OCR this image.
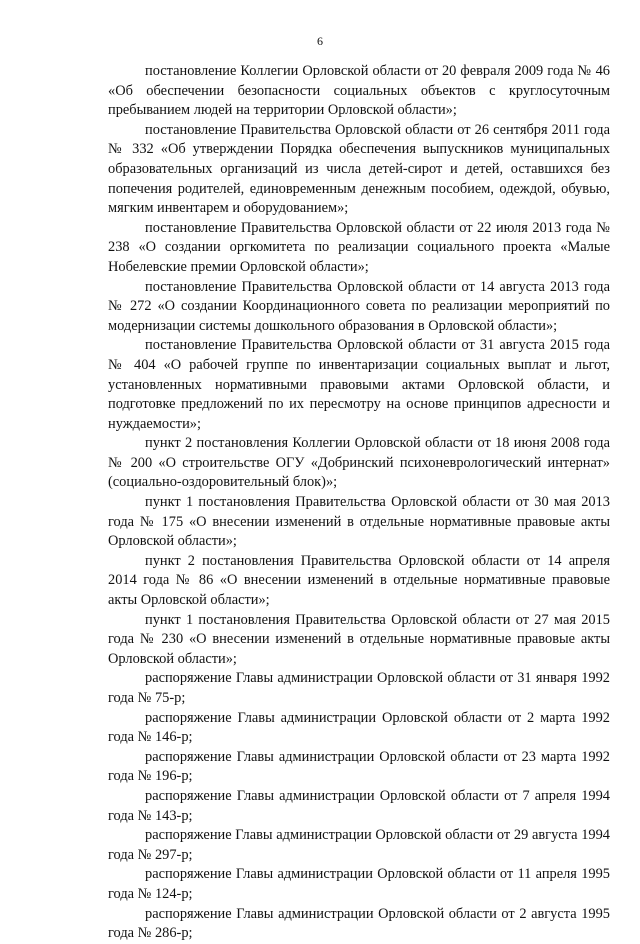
6

постановление Коллегии Орловской области от 20 февраля 2009 года № 46 «Об обеспечении безопасности социальных объектов с круглосуточным пребыванием людей на территории Орловской области»;

постановление Правительства Орловской области от 26 сентября 2011 года № 332 «Об утверждении Порядка обеспечения выпускников муниципальных образовательных организаций из числа детей-сирот и детей, оставшихся без попечения родителей, единовременным денежным пособием, одеждой, обувью, мягким инвентарем и оборудованием»;

постановление Правительства Орловской области от 22 июля 2013 года № 238 «О создании оргкомитета по реализации социального проекта «Малые Нобелевские премии Орловской области»;

постановление Правительства Орловской области от 14 августа 2013 года № 272 «О создании Координационного совета по реализации мероприятий по модернизации системы дошкольного образования в Орловской области»;

постановление Правительства Орловской области от 31 августа 2015 года № 404 «О рабочей группе по инвентаризации социальных выплат и льгот, установленных нормативными правовыми актами Орловской области, и подготовке предложений по их пересмотру на основе принципов адресности и нуждаемости»;

пункт 2 постановления Коллегии Орловской области от 18 июня 2008 года № 200 «О строительстве ОГУ «Добринский психоневрологический интернат» (социально-оздоровительный блок)»;

пункт 1 постановления Правительства Орловской области от 30 мая 2013 года № 175 «О внесении изменений в отдельные нормативные правовые акты Орловской области»;

пункт 2 постановления Правительства Орловской области от 14 апреля 2014 года № 86 «О внесении изменений в отдельные нормативные правовые акты Орловской области»;

пункт 1 постановления Правительства Орловской области от 27 мая 2015 года № 230 «О внесении изменений в отдельные нормативные правовые акты Орловской области»;

распоряжение Главы администрации Орловской области от 31 января 1992 года № 75-р;

распоряжение Главы администрации Орловской области от 2 марта 1992 года № 146-р;

распоряжение Главы администрации Орловской области от 23 марта 1992 года № 196-р;

распоряжение Главы администрации Орловской области от 7 апреля 1994 года № 143-р;

распоряжение Главы администрации Орловской области от 29 августа 1994 года № 297-р;

распоряжение Главы администрации Орловской области от 11 апреля 1995 года № 124-р;

распоряжение Главы администрации Орловской области от 2 августа 1995 года № 286-р;
